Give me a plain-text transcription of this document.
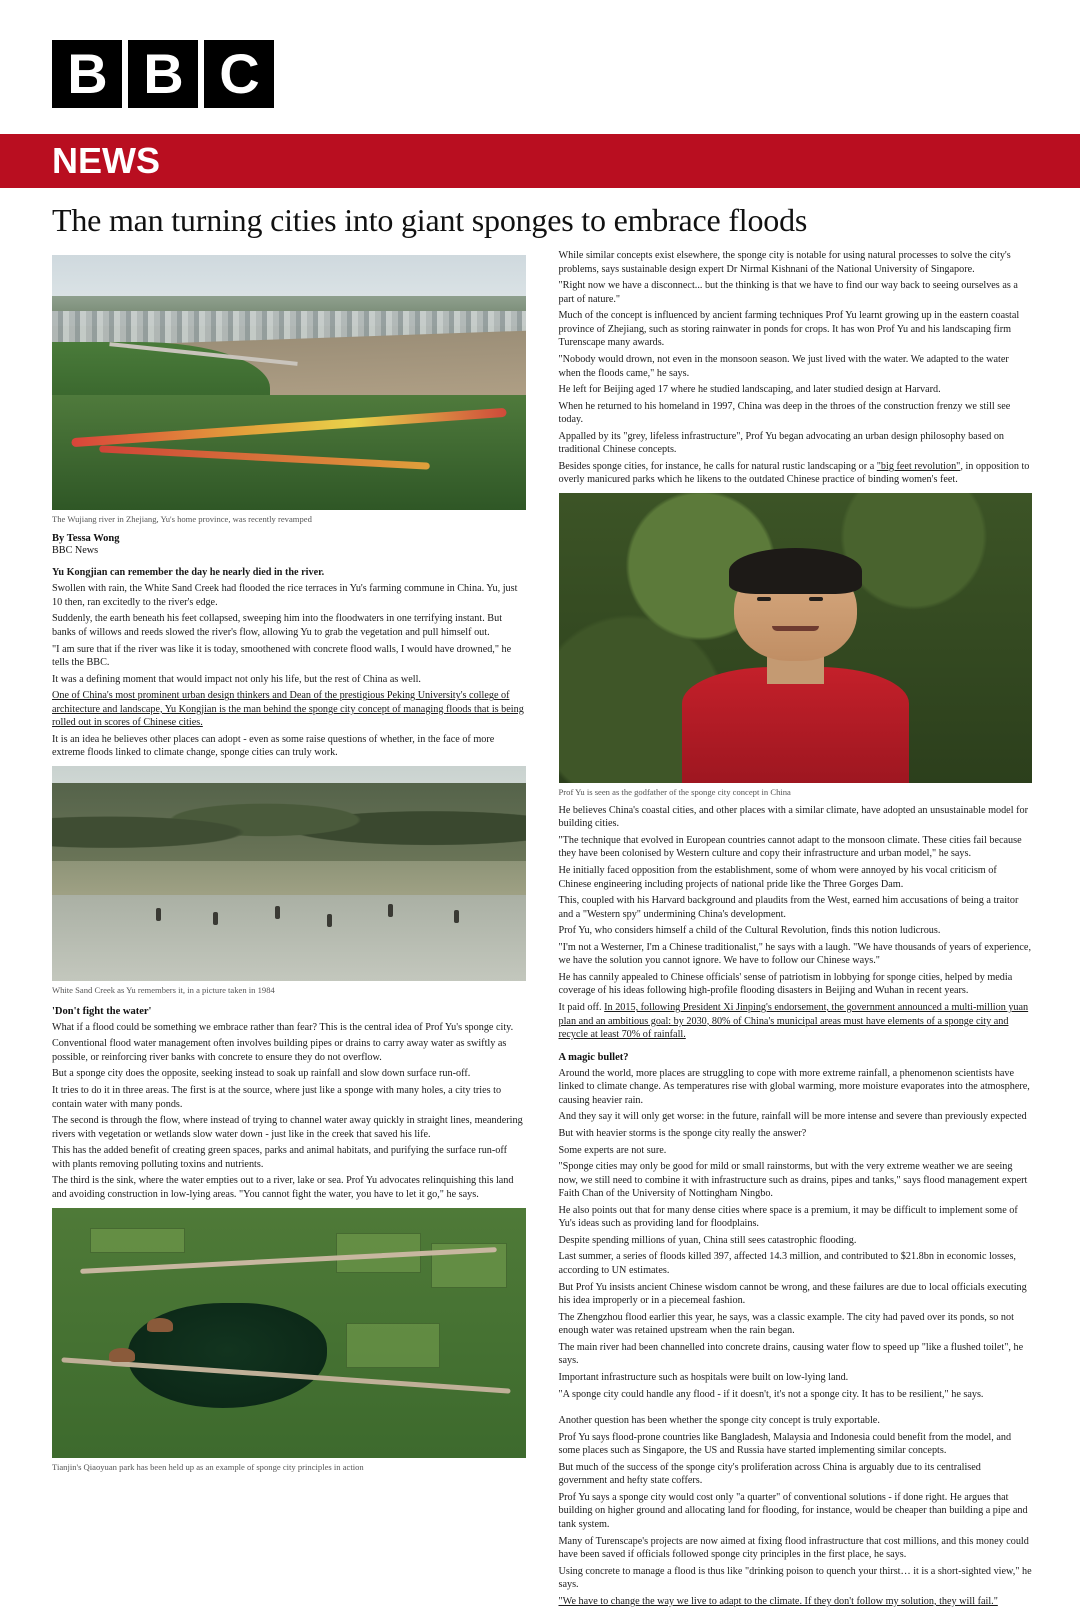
B B C
NEWS
The man turning cities into giant sponges to embrace floods
The Wujiang river in Zhejiang, Yu's home province, was recently revamped
By Tessa Wong
BBC News

Yu Kongjian can remember the day he nearly died in the river.

Swollen with rain, the White Sand Creek had flooded the rice terraces in Yu's farming commune in China. Yu, just 10 then, ran excitedly to the river's edge.

Suddenly, the earth beneath his feet collapsed, sweeping him into the floodwaters in one terrifying instant. But banks of willows and reeds slowed the river's flow, allowing Yu to grab the vegetation and pull himself out.

"I am sure that if the river was like it is today, smoothened with concrete flood walls, I would have drowned," he tells the BBC.

It was a defining moment that would impact not only his life, but the rest of China as well.

One of China's most prominent urban design thinkers and Dean of the prestigious Peking University's college of architecture and landscape, Yu Kongjian is the man behind the sponge city concept of managing floods that is being rolled out in scores of Chinese cities.

It is an idea he believes other places can adopt - even as some raise questions of whether, in the face of more extreme floods linked to climate change, sponge cities can truly work.

White Sand Creek as Yu remembers it, in a picture taken in 1984
'Don't fight the water'

What if a flood could be something we embrace rather than fear? This is the central idea of Prof Yu's sponge city.

Conventional flood water management often involves building pipes or drains to carry away water as swiftly as possible, or reinforcing river banks with concrete to ensure they do not overflow.

But a sponge city does the opposite, seeking instead to soak up rainfall and slow down surface run-off.

It tries to do it in three areas. The first is at the source, where just like a sponge with many holes, a city tries to contain water with many ponds.

The second is through the flow, where instead of trying to channel water away quickly in straight lines, meandering rivers with vegetation or wetlands slow water down - just like in the creek that saved his life.

This has the added benefit of creating green spaces, parks and animal habitats, and purifying the surface run-off with plants removing polluting toxins and nutrients.

The third is the sink, where the water empties out to a river, lake or sea. Prof Yu advocates relinquishing this land and avoiding construction in low-lying areas. "You cannot fight the water, you have to let it go," he says.

Tianjin's Qiaoyuan park has been held up as an example of sponge city principles in action

While similar concepts exist elsewhere, the sponge city is notable for using natural processes to solve the city's problems, says sustainable design expert Dr Nirmal Kishnani of the National University of Singapore.

"Right now we have a disconnect... but the thinking is that we have to find our way back to seeing ourselves as a part of nature."

Much of the concept is influenced by ancient farming techniques Prof Yu learnt growing up in the eastern coastal province of Zhejiang, such as storing rainwater in ponds for crops. It has won Prof Yu and his landscaping firm Turenscape many awards.

"Nobody would drown, not even in the monsoon season. We just lived with the water. We adapted to the water when the floods came," he says.

He left for Beijing aged 17 where he studied landscaping, and later studied design at Harvard.

When he returned to his homeland in 1997, China was deep in the throes of the construction frenzy we still see today.

Appalled by its "grey, lifeless infrastructure", Prof Yu began advocating an urban design philosophy based on traditional Chinese concepts.

Besides sponge cities, for instance, he calls for natural rustic landscaping or a "big feet revolution", in opposition to overly manicured parks which he likens to the outdated Chinese practice of binding women's feet.

Prof Yu is seen as the godfather of the sponge city concept in China

He believes China's coastal cities, and other places with a similar climate, have adopted an unsustainable model for building cities.

"The technique that evolved in European countries cannot adapt to the monsoon climate. These cities fail because they have been colonised by Western culture and copy their infrastructure and urban model," he says.

He initially faced opposition from the establishment, some of whom were annoyed by his vocal criticism of Chinese engineering including projects of national pride like the Three Gorges Dam.

This, coupled with his Harvard background and plaudits from the West, earned him accusations of being a traitor and a "Western spy" undermining China's development.

Prof Yu, who considers himself a child of the Cultural Revolution, finds this notion ludicrous.

"I'm not a Westerner, I'm a Chinese traditionalist," he says with a laugh. "We have thousands of years of experience, we have the solution you cannot ignore. We have to follow our Chinese ways."

He has cannily appealed to Chinese officials' sense of patriotism in lobbying for sponge cities, helped by media coverage of his ideas following high-profile flooding disasters in Beijing and Wuhan in recent years.

It paid off. In 2015, following President Xi Jinping's endorsement, the government announced a multi-million yuan plan and an ambitious goal: by 2030, 80% of China's municipal areas must have elements of a sponge city and recycle at least 70% of rainfall.

A magic bullet?

Around the world, more places are struggling to cope with more extreme rainfall, a phenomenon scientists have linked to climate change. As temperatures rise with global warming, more moisture evaporates into the atmosphere, causing heavier rain.

And they say it will only get worse: in the future, rainfall will be more intense and severe than previously expected

But with heavier storms is the sponge city really the answer?

Some experts are not sure.

"Sponge cities may only be good for mild or small rainstorms, but with the very extreme weather we are seeing now, we still need to combine it with infrastructure such as drains, pipes and tanks," says flood management expert Faith Chan of the University of Nottingham Ningbo.

He also points out that for many dense cities where space is a premium, it may be difficult to implement some of Yu's ideas such as providing land for floodplains.

Despite spending millions of yuan, China still sees catastrophic flooding.

Last summer, a series of floods killed 397, affected 14.3 million, and contributed to $21.8bn in economic losses, according to UN estimates.

But Prof Yu insists ancient Chinese wisdom cannot be wrong, and these failures are due to local officials executing his idea improperly or in a piecemeal fashion.

The Zhengzhou flood earlier this year, he says, was a classic example. The city had paved over its ponds, so not enough water was retained upstream when the rain began.

The main river had been channelled into concrete drains, causing water flow to speed up "like a flushed toilet", he says.

Important infrastructure such as hospitals were built on low-lying land.

"A sponge city could handle any flood - if it doesn't, it's not a sponge city. It has to be resilient," he says.

Another question has been whether the sponge city concept is truly exportable.

Prof Yu says flood-prone countries like Bangladesh, Malaysia and Indonesia could benefit from the model, and some places such as Singapore, the US and Russia have started implementing similar concepts.

But much of the success of the sponge city's proliferation across China is arguably due to its centralised government and hefty state coffers.

Prof Yu says a sponge city would cost only "a quarter" of conventional solutions - if done right. He argues that building on higher ground and allocating land for flooding, for instance, would be cheaper than building a pipe and tank system.

Many of Turenscape's projects are now aimed at fixing flood infrastructure that cost millions, and this money could have been saved if officials followed sponge city principles in the first place, he says.

Using concrete to manage a flood is thus like "drinking poison to quench your thirst… it is a short-sighted view," he says.

"We have to change the way we live to adapt to the climate. If they don't follow my solution, they will fail."
